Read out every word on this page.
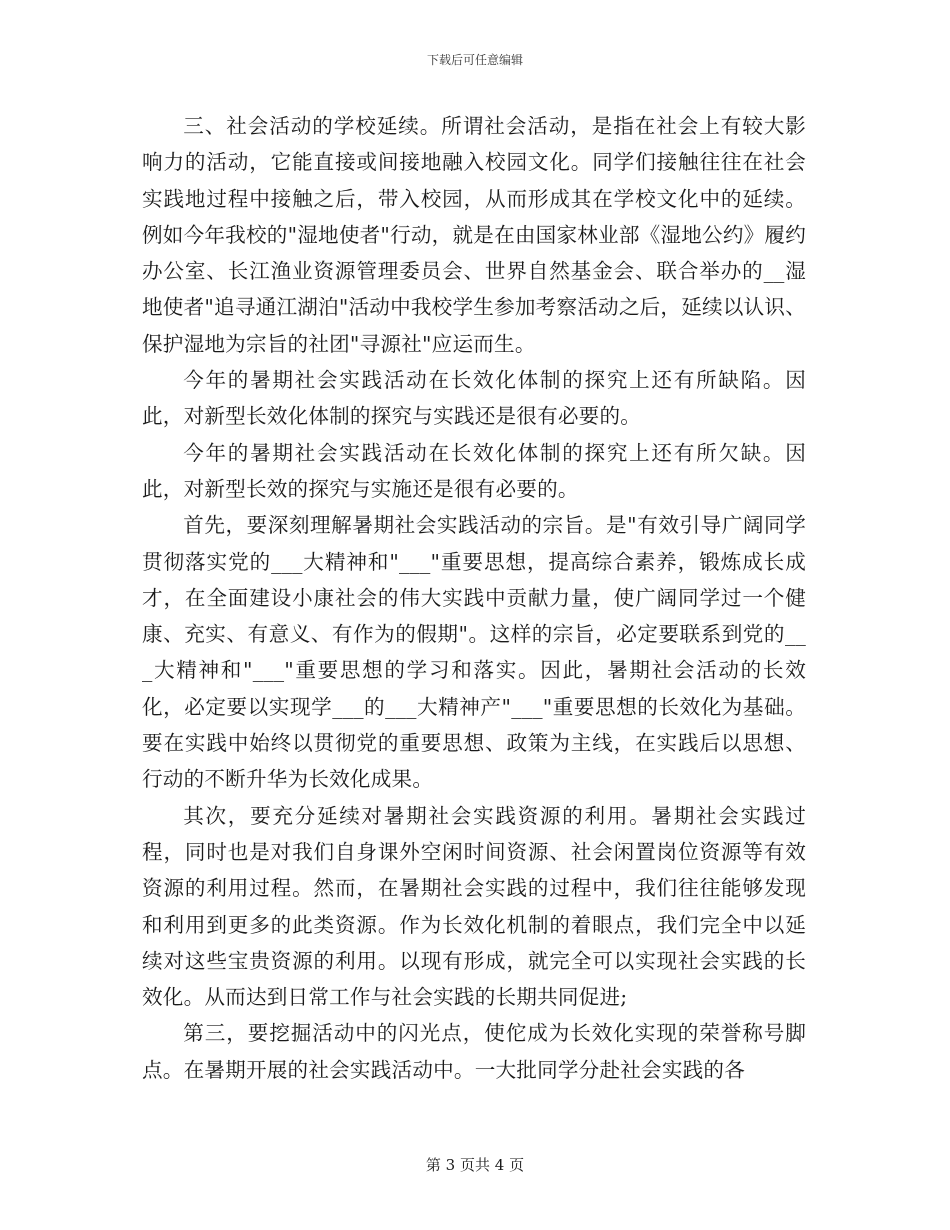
下载后可任意编辑

三、社会活动的学校延续。所谓社会活动，是指在社会上有较大影响力的活动，它能直接或间接地融入校园文化。同学们接触往往在社会实践地过程中接触之后，带入校园，从而形成其在学校文化中的延续。例如今年我校的"湿地使者"行动，就是在由国家林业部《湿地公约》履约办公室、长江渔业资源管理委员会、世界自然基金会、联合举办的__湿地使者"追寻通江湖泊"活动中我校学生参加考察活动之后，延续以认识、保护湿地为宗旨的社团"寻源社"应运而生。

今年的暑期社会实践活动在长效化体制的探究上还有所缺陷。因此，对新型长效化体制的探究与实践还是很有必要的。

今年的暑期社会实践活动在长效化体制的探究上还有所欠缺。因此，对新型长效的探究与实施还是很有必要的。

首先，要深刻理解暑期社会实践活动的宗旨。是"有效引导广阔同学贯彻落实党的___大精神和"___"重要思想，提高综合素养，锻炼成长成才，在全面建设小康社会的伟大实践中贡献力量，使广阔同学过一个健康、充实、有意义、有作为的假期"。这样的宗旨，必定要联系到党的___大精神和"___"重要思想的学习和落实。因此，暑期社会活动的长效化，必定要以实现学___的___大精神产"___"重要思想的长效化为基础。要在实践中始终以贯彻党的重要思想、政策为主线，在实践后以思想、行动的不断升华为长效化成果。

其次，要充分延续对暑期社会实践资源的利用。暑期社会实践过程，同时也是对我们自身课外空闲时间资源、社会闲置岗位资源等有效资源的利用过程。然而，在暑期社会实践的过程中，我们往往能够发现和利用到更多的此类资源。作为长效化机制的着眼点，我们完全中以延续对这些宝贵资源的利用。以现有形成，就完全可以实现社会实践的长效化。从而达到日常工作与社会实践的长期共同促进;

第三，要挖掘活动中的闪光点，使佗成为长效化实现的荣誉称号脚点。在暑期开展的社会实践活动中。一大批同学分赴社会实践的各

第 3 页共 4 页
